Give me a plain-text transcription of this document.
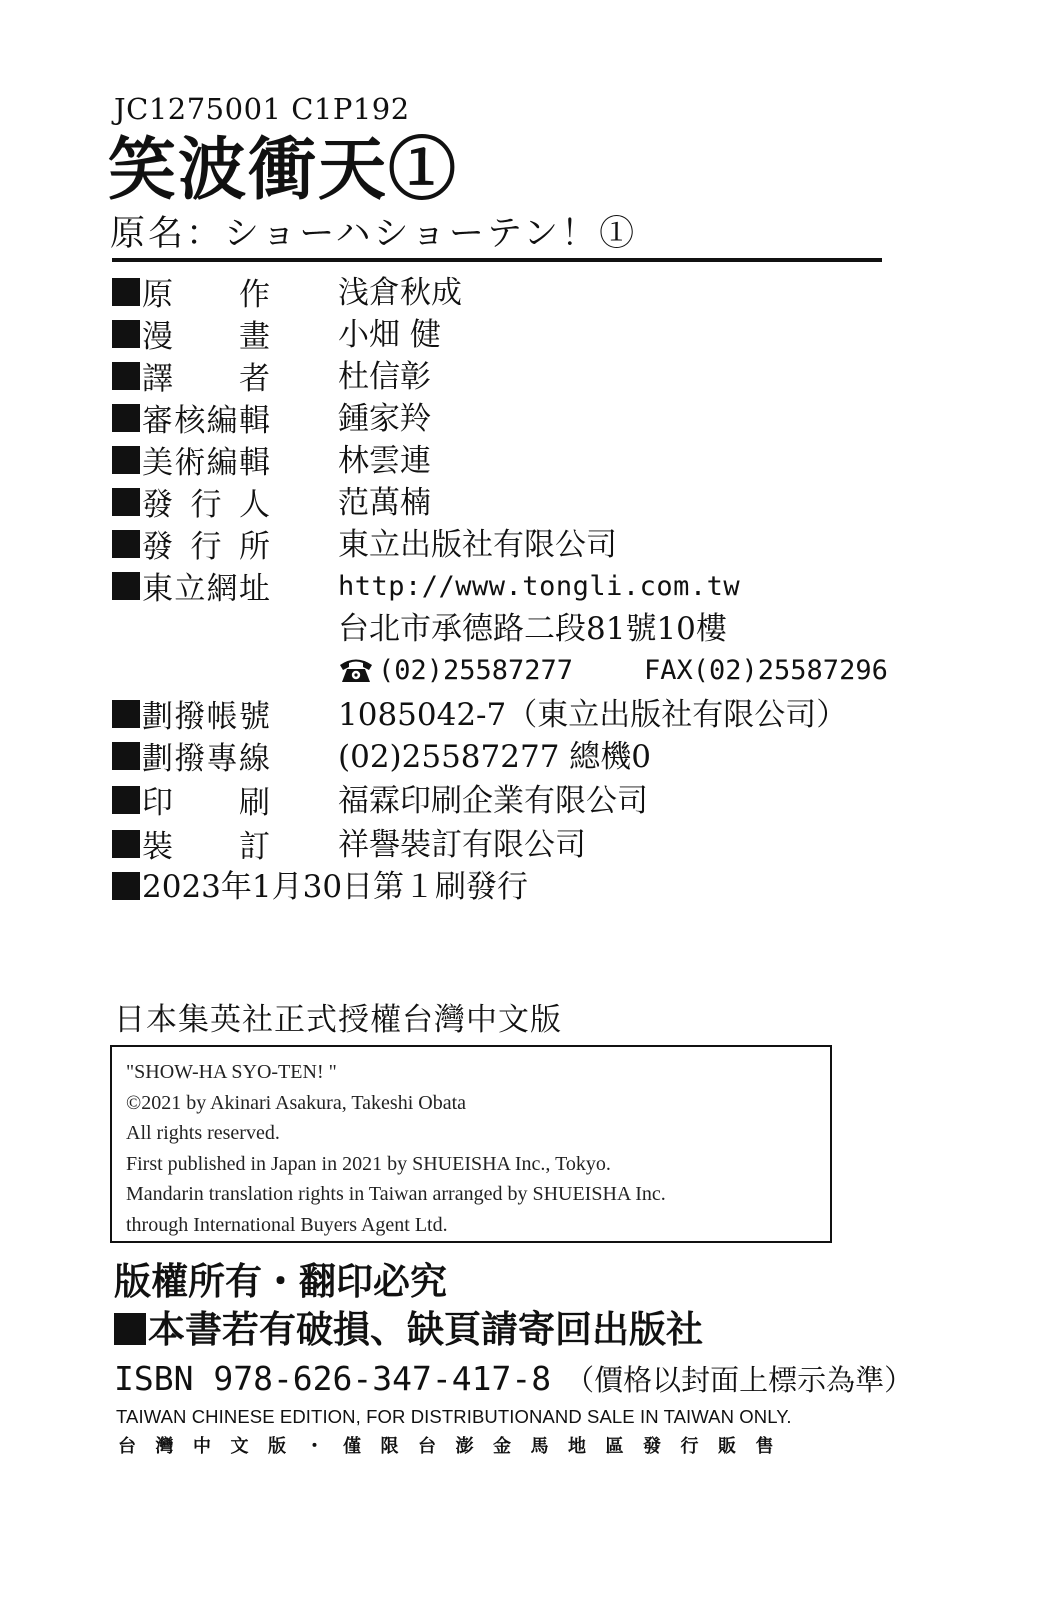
JC1275001 C1P192
笑波衝天①
原名：ショーハショーテン！①
原　作 浅倉秋成
漫　畫 小畑 健
譯　者 杜信彰
審核編輯 鍾家羚
美術編輯 林雲連
發行人 范萬楠
發行所 東立出版社有限公司
東立網址	http://www.tongli.com.tw
台北市承德路二段81號10樓
(02)25587277	FAX(02)25587296
劃撥帳號 1085042-7（東立出版社有限公司）
劃撥專線 (02)25587277 總機0
印　刷 福霖印刷企業有限公司
裝　訂 祥譽裝訂有限公司
2023年1月30日第１刷發行
日本集英社正式授權台灣中文版
"SHOW-HA SYO-TEN! "
©2021 by Akinari Asakura, Takeshi Obata
All rights reserved.
First published in Japan in 2021 by SHUEISHA Inc., Tokyo.
Mandarin translation rights in Taiwan arranged by SHUEISHA Inc.
through International Buyers Agent Ltd.
版權所有・翻印必究
本書若有破損、缺頁請寄回出版社
ISBN 978-626-347-417-8 （價格以封面上標示為準）
TAIWAN CHINESE EDITION, FOR DISTRIBUTIONAND SALE IN TAIWAN ONLY.
台灣中文版・僅限台澎金馬地區發行販售
